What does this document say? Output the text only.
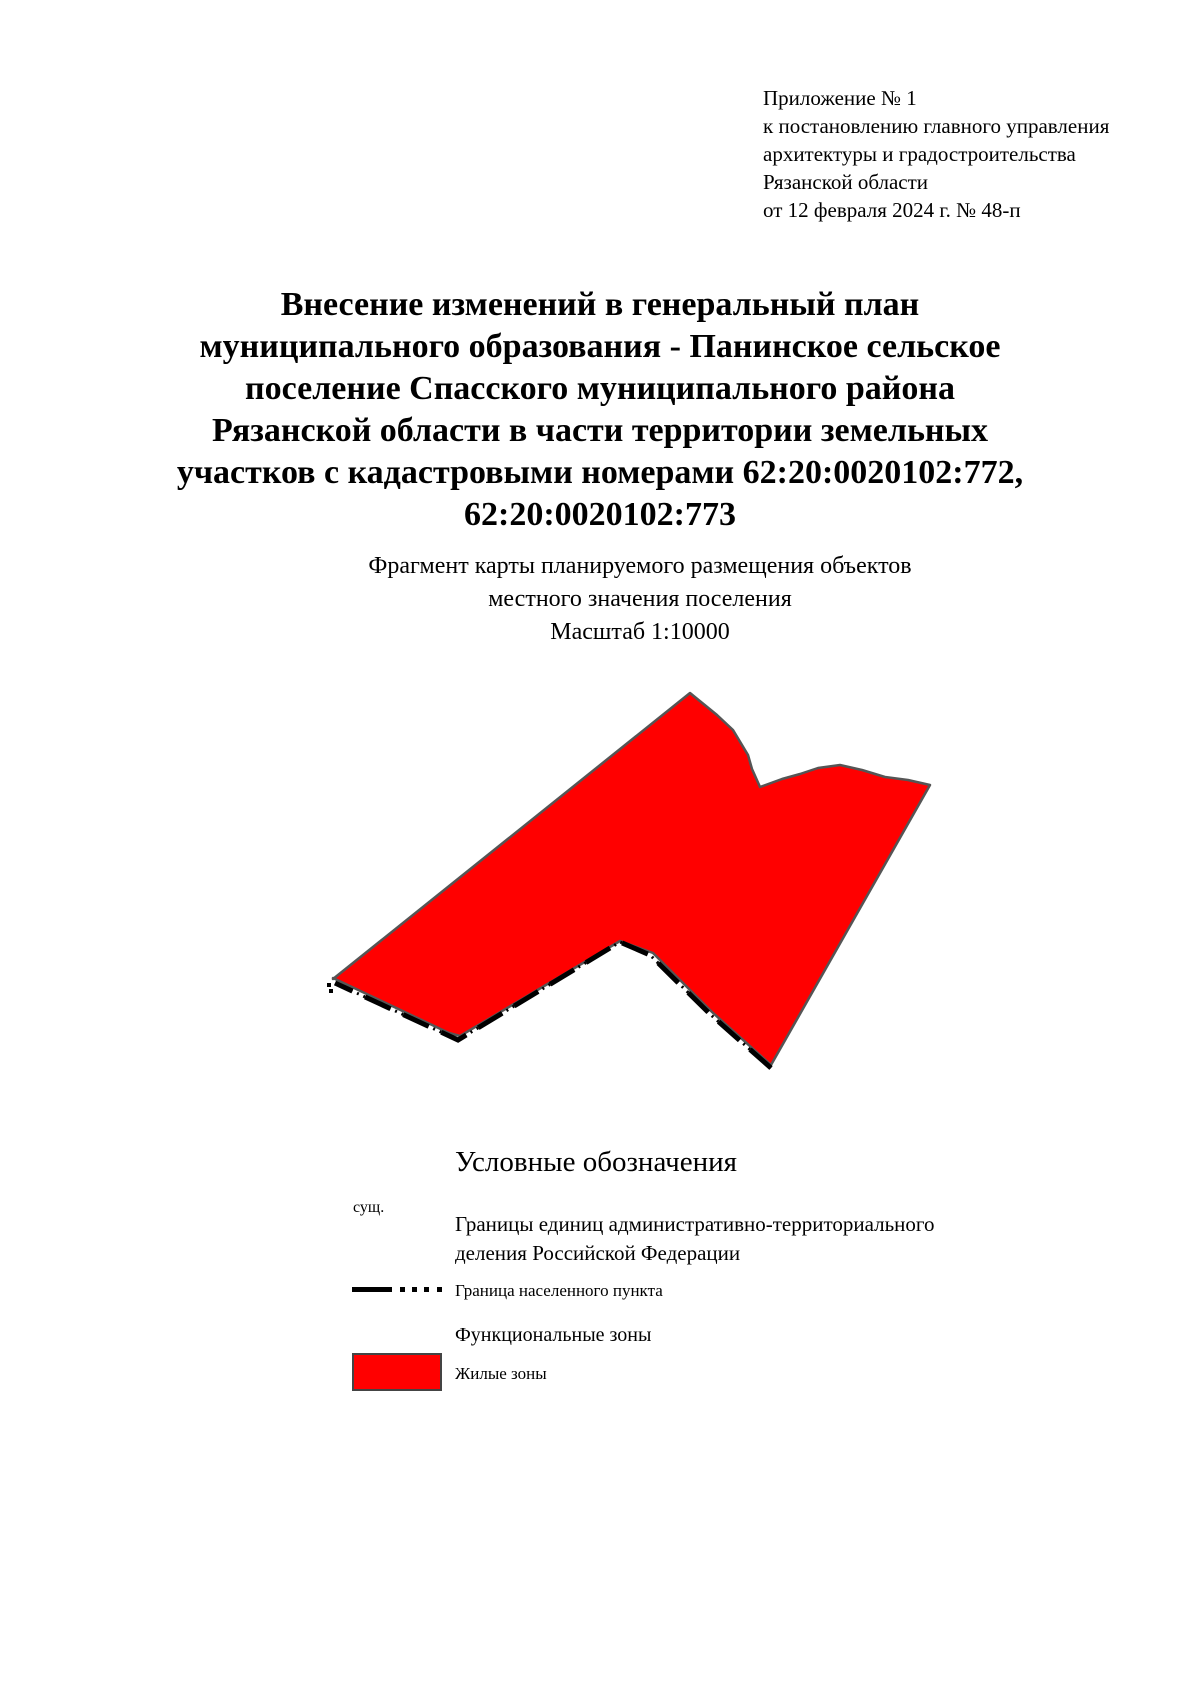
Приложение № 1
к постановлению главного управления
архитектуры и градостроительства
Рязанской области
от 12 февраля 2024 г. № 48-п
Внесение изменений в генеральный план
муниципального образования - Панинское сельское
поселение Спасского муниципального района
Рязанской области в части территории земельных
участков с кадастровыми номерами 62:20:0020102:772,
62:20:0020102:773
Фрагмент карты планируемого размещения объектов
местного значения поселения
Масштаб 1:10000
Условные обозначения
сущ.
Границы единиц административно-территориального
деления Российской Федерации
Граница населенного пункта
Функциональные зоны
Жилые зоны
